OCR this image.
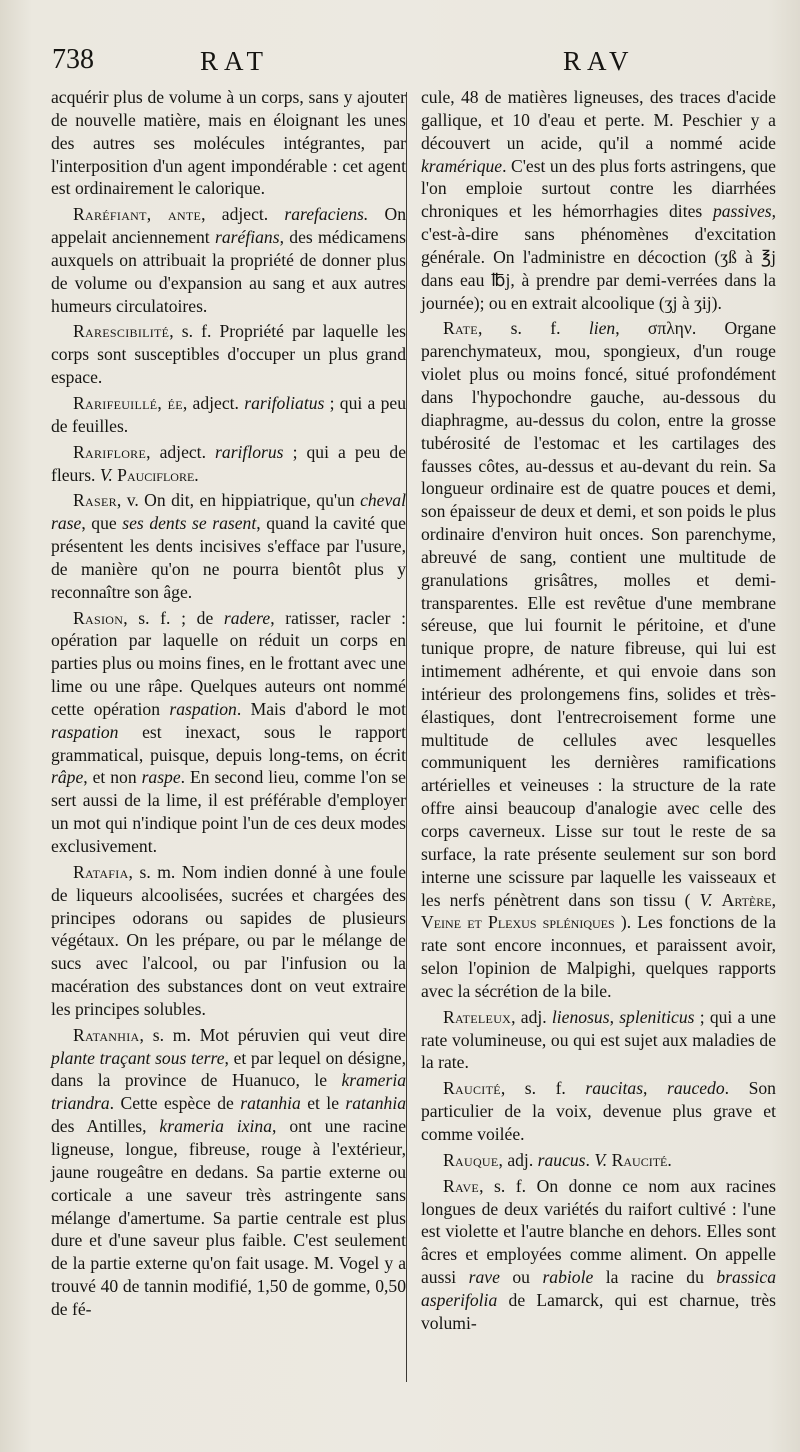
738	RAT	RAV

acquérir plus de volume à un corps, sans y ajouter de nouvelle matière, mais en éloignant les unes des autres ses molécules intégrantes, par l'interposition d'un agent impondérable : cet agent est ordinairement le calorique.

Raréfiant, ante, adject. rarefaciens. On appelait anciennement raréfians, des médicamens auxquels on attribuait la propriété de donner plus de volume ou d'expansion au sang et aux autres humeurs circulatoires.

Rarescibilité, s. f. Propriété par laquelle les corps sont susceptibles d'occuper un plus grand espace.

Rarifeuillé, ée, adject. rarifoliatus ; qui a peu de feuilles.

Rariflore, adject. rariflorus ; qui a peu de fleurs. V. Pauciflore.

Raser, v. On dit, en hippiatrique, qu'un cheval rase, que ses dents se rasent, quand la cavité que présentent les dents incisives s'efface par l'usure, de manière qu'on ne pourra bientôt plus y reconnaître son âge.

Rasion, s. f. ; de radere, ratisser, racler : opération par laquelle on réduit un corps en parties plus ou moins fines, en le frottant avec une lime ou une râpe. Quelques auteurs ont nommé cette opération raspation. Mais d'abord le mot raspation est inexact, sous le rapport grammatical, puisque, depuis long-tems, on écrit râpe, et non raspe. En second lieu, comme l'on se sert aussi de la lime, il est préférable d'employer un mot qui n'indique point l'un de ces deux modes exclusivement.

Ratafia, s. m. Nom indien donné à une foule de liqueurs alcoolisées, sucrées et chargées des principes odorans ou sapides de plusieurs végétaux. On les prépare, ou par le mélange de sucs avec l'alcool, ou par l'infusion ou la macération des substances dont on veut extraire les principes solubles.

Ratanhia, s. m. Mot péruvien qui veut dire plante traçant sous terre, et par lequel on désigne, dans la province de Huanuco, le krameria triandra. Cette espèce de ratanhia et le ratanhia des Antilles, krameria ixina, ont une racine ligneuse, longue, fibreuse, rouge à l'extérieur, jaune rougeâtre en dedans. Sa partie externe ou corticale a une saveur très astringente sans mélange d'amertume. Sa partie centrale est plus dure et d'une saveur plus faible. C'est seulement de la partie externe qu'on fait usage. M. Vogel y a trouvé 40 de tannin modifié, 1,50 de gomme, 0,50 de fé-

cule, 48 de matières ligneuses, des traces d'acide gallique, et 10 d'eau et perte. M. Peschier y a découvert un acide, qu'il a nommé acide kramérique. C'est un des plus forts astringens, que l'on emploie surtout contre les diarrhées chroniques et les hémorrhagies dites passives, c'est-à-dire sans phénomènes d'excitation générale. On l'administre en décoction (ʒß à ℥j dans eau ℔j, à prendre par demi-verrées dans la journée); ou en extrait alcoolique (ʒj à ʒij).

Rate, s. f. lien, σπλην. Organe parenchymateux, mou, spongieux, d'un rouge violet plus ou moins foncé, situé profondément dans l'hypochondre gauche, au-dessous du diaphragme, au-dessus du colon, entre la grosse tubérosité de l'estomac et les cartilages des fausses côtes, au-dessus et au-devant du rein. Sa longueur ordinaire est de quatre pouces et demi, son épaisseur de deux et demi, et son poids le plus ordinaire d'environ huit onces. Son parenchyme, abreuvé de sang, contient une multitude de granulations grisâtres, molles et demi-transparentes. Elle est revêtue d'une membrane séreuse, que lui fournit le péritoine, et d'une tunique propre, de nature fibreuse, qui lui est intimement adhérente, et qui envoie dans son intérieur des prolongemens fins, solides et très-élastiques, dont l'entrecroisement forme une multitude de cellules avec lesquelles communiquent les dernières ramifications artérielles et veineuses : la structure de la rate offre ainsi beaucoup d'analogie avec celle des corps caverneux. Lisse sur tout le reste de sa surface, la rate présente seulement sur son bord interne une scissure par laquelle les vaisseaux et les nerfs pénètrent dans son tissu ( V. Artère, Veine et Plexus spléniques ). Les fonctions de la rate sont encore inconnues, et paraissent avoir, selon l'opinion de Malpighi, quelques rapports avec la sécrétion de la bile.

Rateleux, adj. lienosus, spleniticus ; qui a une rate volumineuse, ou qui est sujet aux maladies de la rate.

Raucité, s. f. raucitas, raucedo. Son particulier de la voix, devenue plus grave et comme voilée.

Rauque, adj. raucus. V. Raucité.

Rave, s. f. On donne ce nom aux racines longues de deux variétés du raifort cultivé : l'une est violette et l'autre blanche en dehors. Elles sont âcres et employées comme aliment. On appelle aussi rave ou rabiole la racine du brassica asperifolia de Lamarck, qui est charnue, très volumi-
